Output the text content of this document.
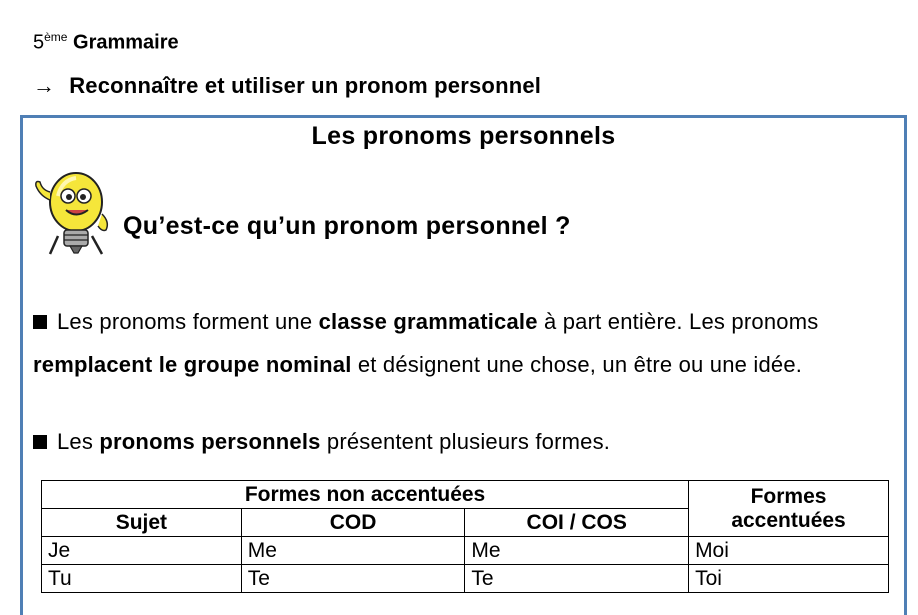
5ème Grammaire
→ Reconnaître et utiliser un pronom personnel
Les pronoms personnels
Qu’est-ce qu’un pronom personnel ?
Les pronoms forment une classe grammaticale à part entière. Les pronoms remplacent le groupe nominal et désignent une chose, un être ou une idée.
Les pronoms personnels présentent plusieurs formes.
Formes non accentuées			Formes accentuées
Sujet	COD	COI / COS	
Je	Me	Me	Moi
Tu	Te	Te	Toi
